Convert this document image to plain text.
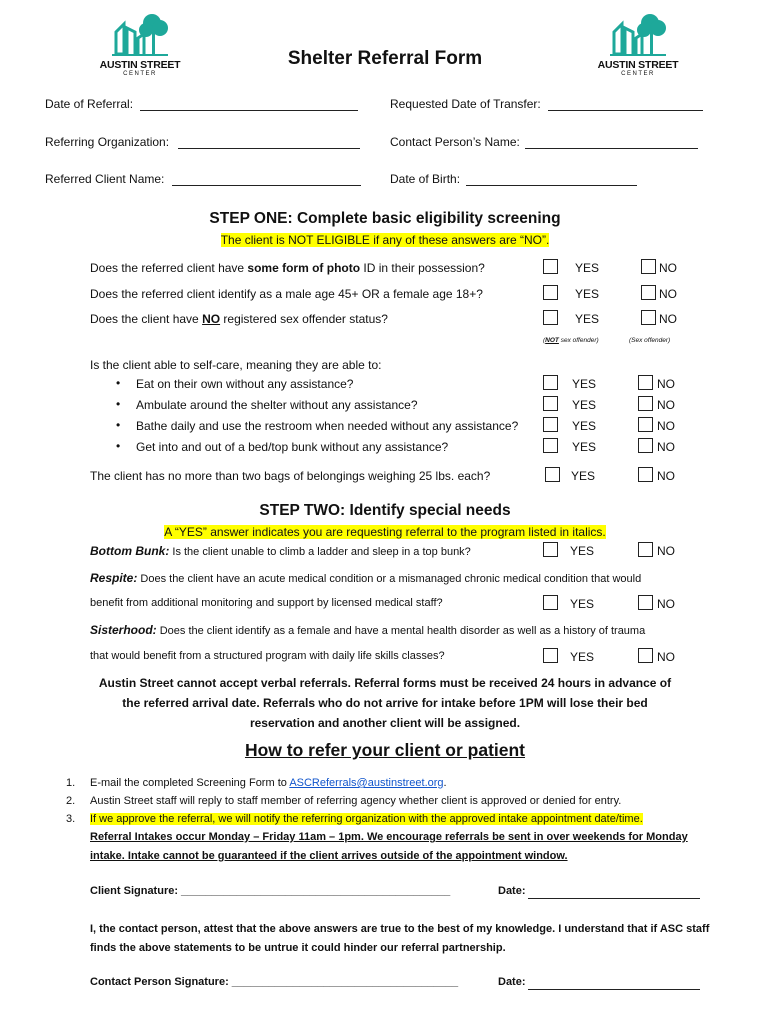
AUSTIN STREET
CENTER
AUSTIN STREET
CENTER
Shelter Referral Form
Date of Referral:	Requested Date of Transfer:
Referring Organization:	Contact Person’s Name:
Referred Client Name:	Date of Birth:
STEP ONE: Complete basic eligibility screening
The client is NOT ELIGIBLE if any of these answers are “NO”.
Does the referred client have some form of photo ID in their possession?	YES	NO
Does the referred client identify as a male age 45+ OR a female age 18+?	YES	NO
Does the client have NO registered sex offender status?	YES	NO
(NOT sex offender)	(Sex offender)
Is the client able to self-care, meaning they are able to:
• Eat on their own without any assistance?	YES	NO
• Ambulate around the shelter without any assistance?	YES	NO
• Bathe daily and use the restroom when needed without any assistance?	YES	NO
• Get into and out of a bed/top bunk without any assistance?	YES	NO
The client has no more than two bags of belongings weighing 25 lbs. each?	YES	NO
STEP TWO: Identify special needs
A “YES” answer indicates you are requesting referral to the program listed in italics.
Bottom Bunk: Is the client unable to climb a ladder and sleep in a top bunk?	YES	NO
Respite: Does the client have an acute medical condition or a mismanaged chronic medical condition that would
benefit from additional monitoring and support by licensed medical staff?	YES	NO
Sisterhood: Does the client identify as a female and have a mental health disorder as well as a history of trauma
that would benefit from a structured program with daily life skills classes?	YES	NO
Austin Street cannot accept verbal referrals. Referral forms must be received 24 hours in advance of
the referred arrival date. Referrals who do not arrive for intake before 1PM will lose their bed
reservation and another client will be assigned.
How to refer your client or patient
1. E-mail the completed Screening Form to ASCReferrals@austinstreet.org.
2. Austin Street staff will reply to staff member of referring agency whether client is approved or denied for entry.
3. If we approve the referral, we will notify the referring organization with the approved intake appointment date/time.
Referral Intakes occur Monday – Friday 11am – 1pm. We encourage referrals be sent in over weekends for Monday
intake. Intake cannot be guaranteed if the client arrives outside of the appointment window.
Client Signature: ____________________________________________	Date:
I, the contact person, attest that the above answers are true to the best of my knowledge. I understand that if ASC staff finds the above statements to be untrue it could hinder our referral partnership.
Contact Person Signature: _____________________________________	Date:
